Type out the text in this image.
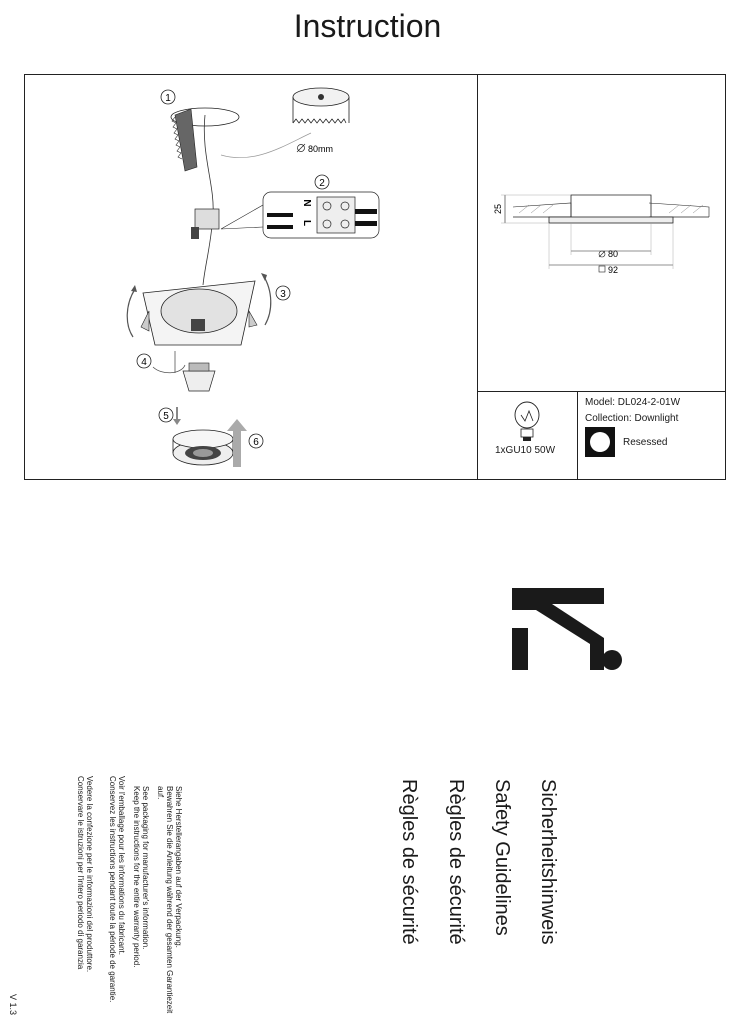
Instruction
1
80mm
2
N
L
3
4
5
6
25
80
92
1xGU10 50W
Model: DL024-2-01W
Collection: Downlight
Resessed
Sicherheitshinweis
Safety Guidelines
Règles de sécurité
Règles de sécurité
Siehe Herstellerangaben auf der Verpackung.
Bewahren Sie die Anleitung während der gesamten Garantiezeit
auf.
See packaging for manufacturer's information.
Keep the instructions for the entire warranty period.
Voir l'emballage pour les informations du fabricant.
Conservez les instructions pendant toute la période de garantie.
Vedere la confezione per le informazioni del produttore.
Conservare le istruzioni per l'intero periodo di garanzia
V 1.3
